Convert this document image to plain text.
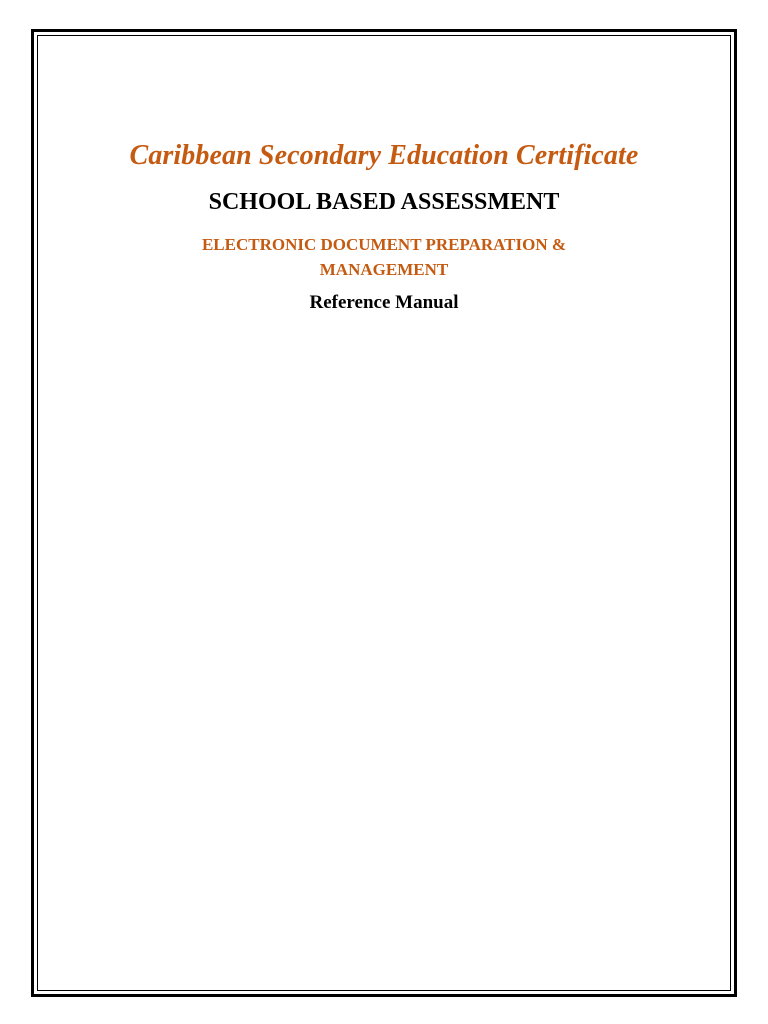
Caribbean Secondary Education Certificate
SCHOOL BASED ASSESSMENT
ELECTRONIC DOCUMENT PREPARATION &
MANAGEMENT
Reference Manual
